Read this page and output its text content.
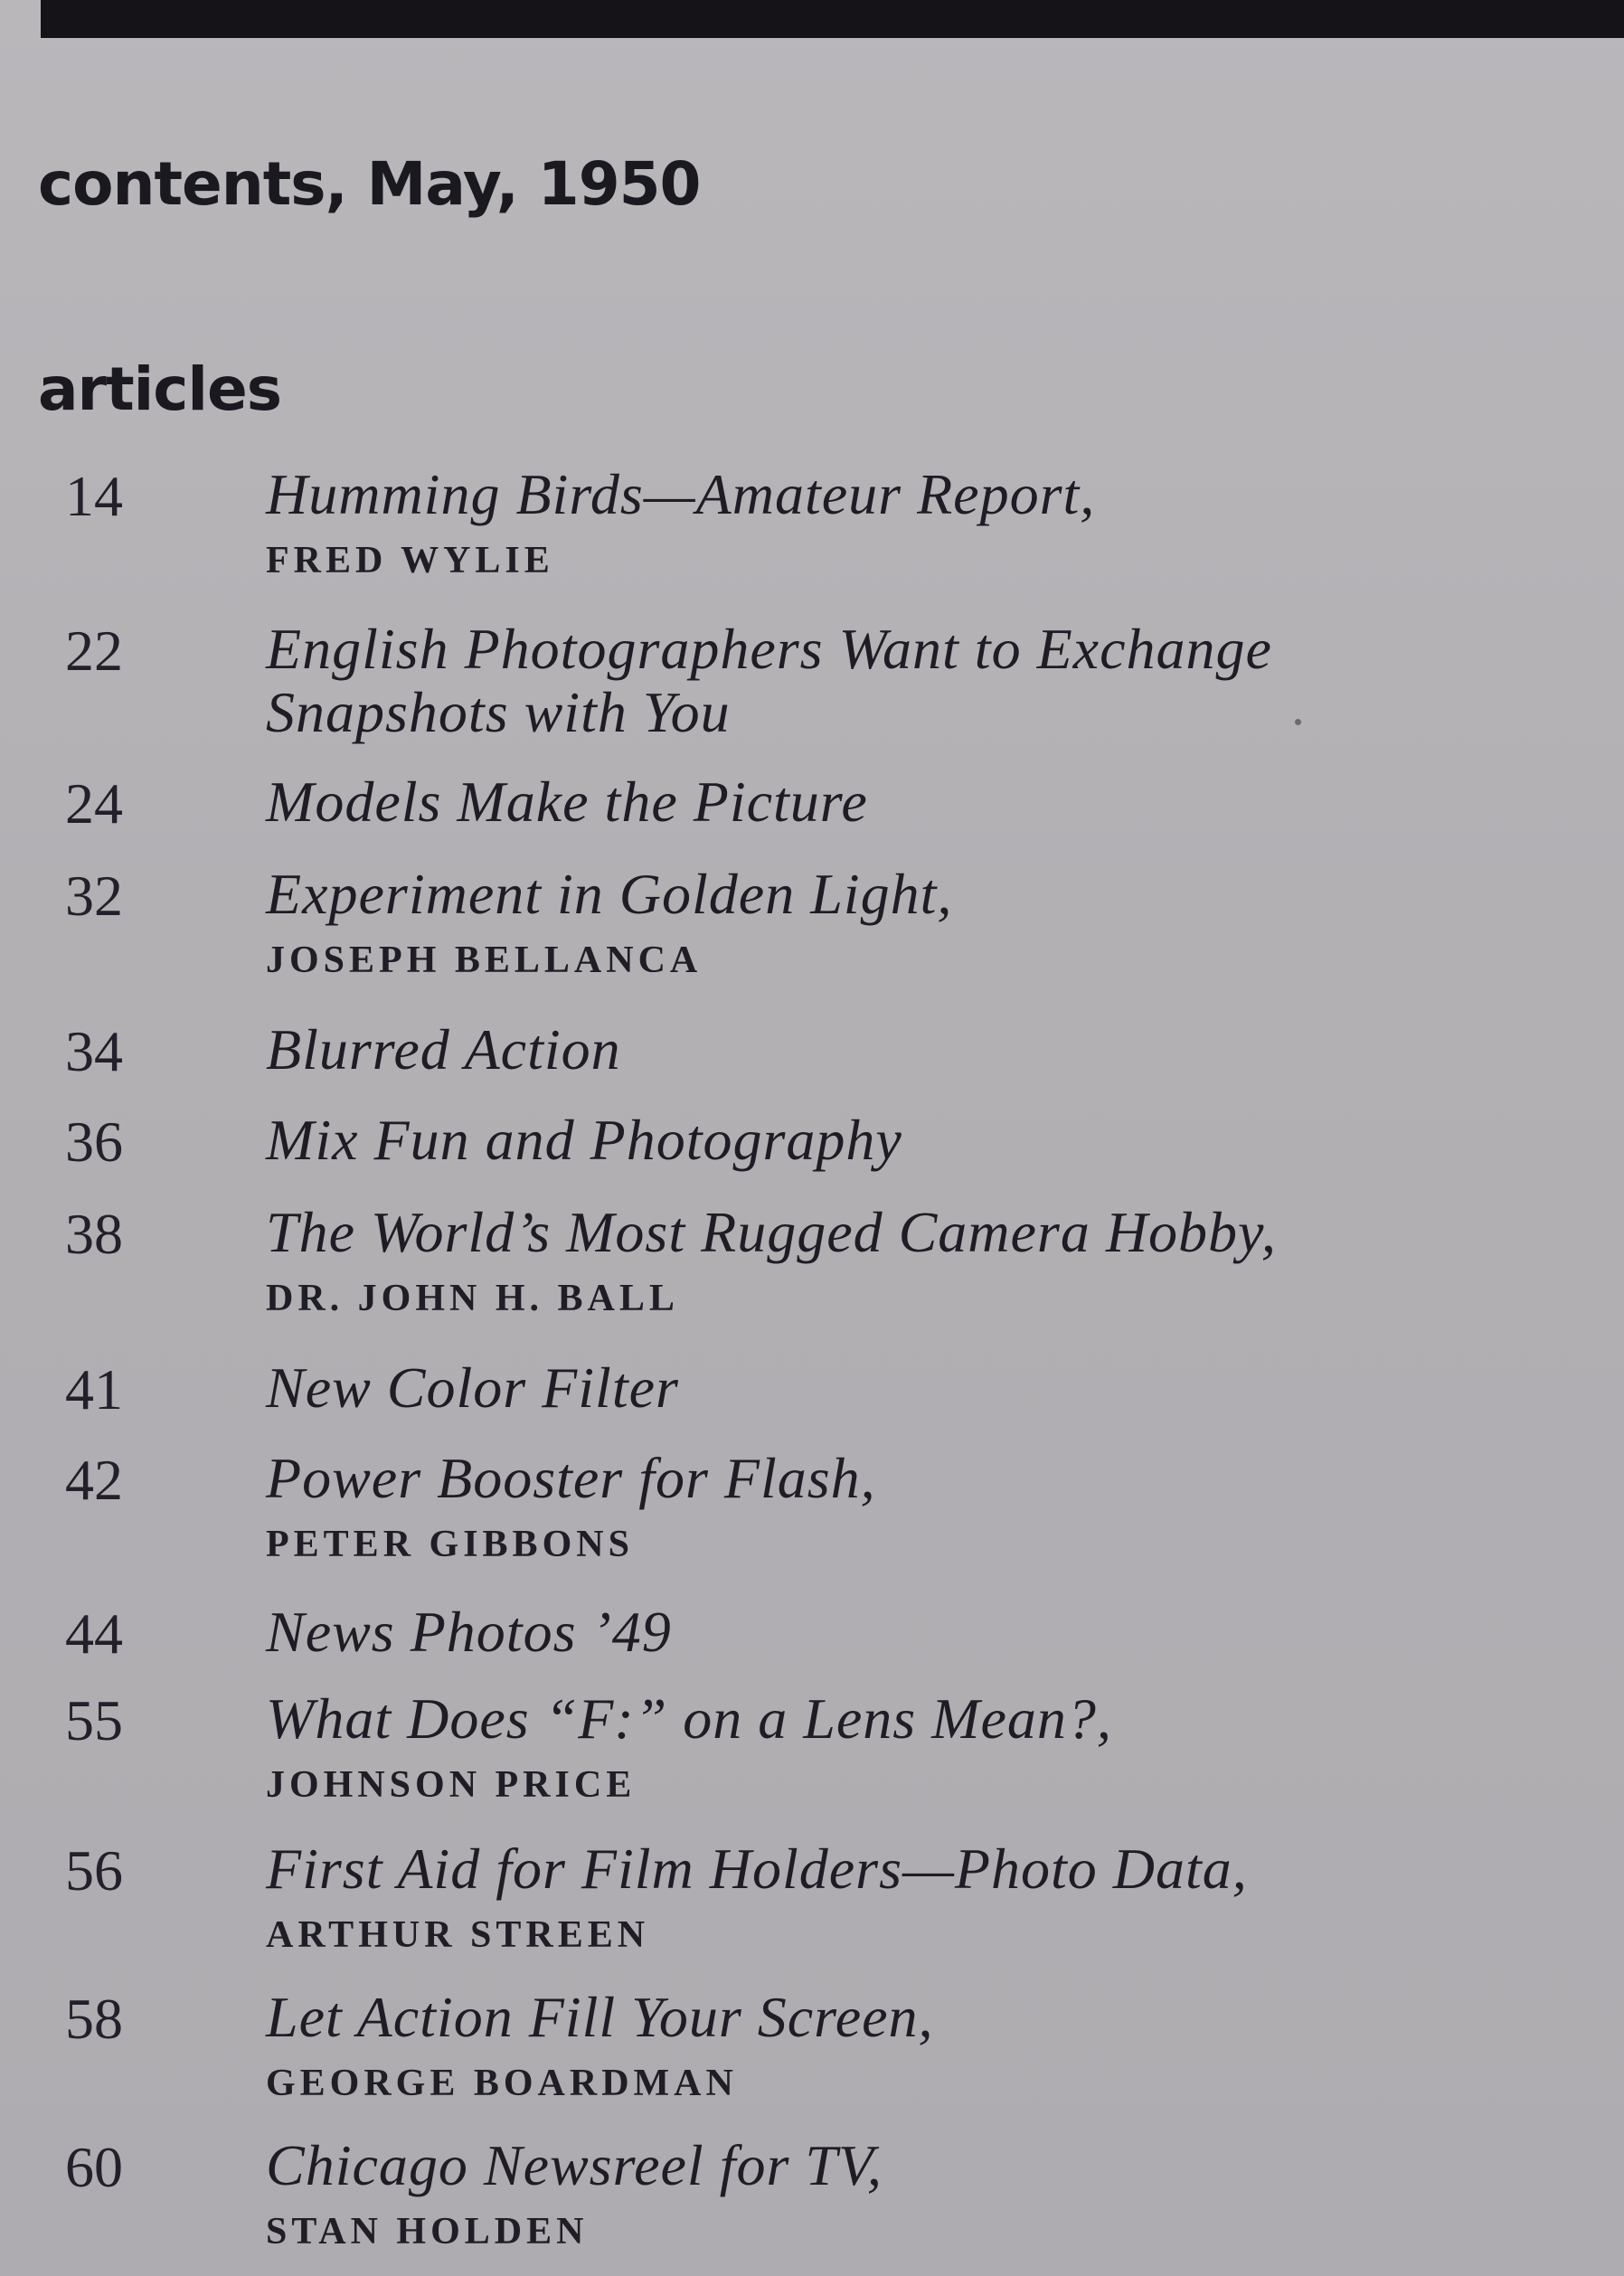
contents, May, 1950
articles
14 Humming Birds—Amateur Report,
FRED WYLIE
22 English Photographers Want to Exchange
Snapshots with You
24 Models Make the Picture
32 Experiment in Golden Light,
JOSEPH BELLANCA
34 Blurred Action
36 Mix Fun and Photography
38 The World’s Most Rugged Camera Hobby,
DR. JOHN H. BALL
41 New Color Filter
42 Power Booster for Flash,
PETER GIBBONS
44 News Photos ’49
55 What Does “F:” on a Lens Mean?,
JOHNSON PRICE
56 First Aid for Film Holders—Photo Data,
ARTHUR STREEN
58 Let Action Fill Your Screen,
GEORGE BOARDMAN
60 Chicago Newsreel for TV,
STAN HOLDEN
